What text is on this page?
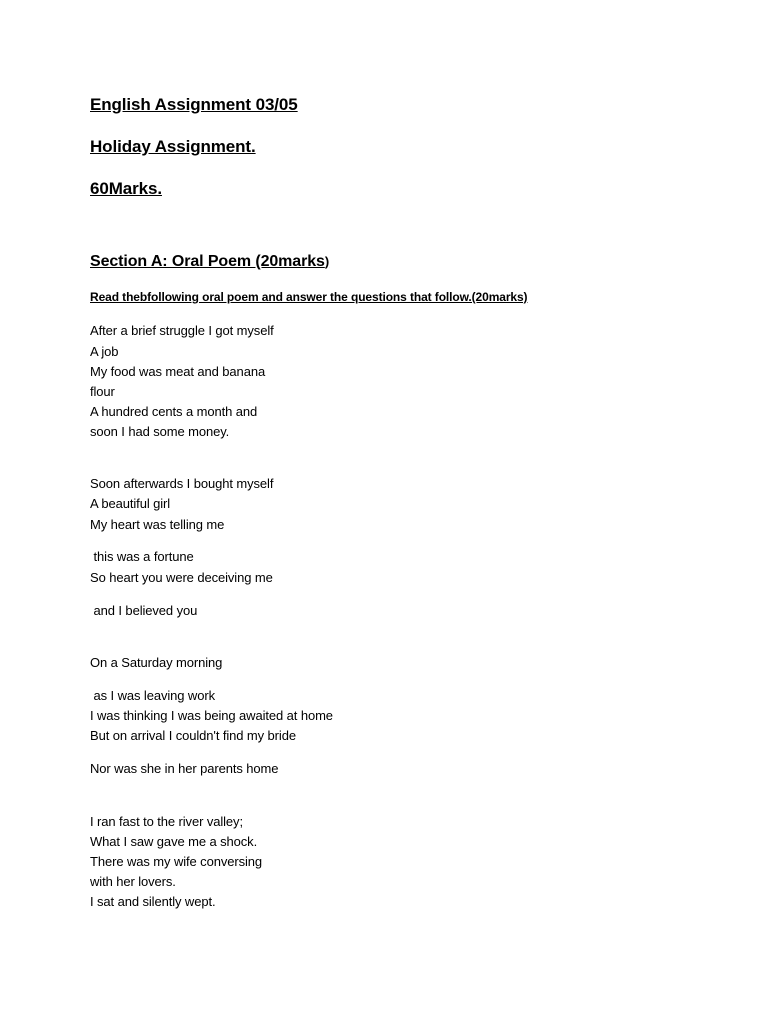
English Assignment 03/05
Holiday Assignment.
60Marks.
Section A: Oral Poem (20marks)
Read thebfollowing oral poem and answer the questions that follow.(20marks)
After a brief struggle I got myself
A job
My food was meat and banana
flour
A hundred cents a month and
soon I had some money.
Soon afterwards I bought myself
A beautiful girl
My heart was telling me
this was a fortune
So heart you were deceiving me
and I believed you
On a Saturday morning
as I was leaving work
I was thinking I was being awaited at home
But on arrival I couldn't find my bride
Nor was she in her parents home
I ran fast to the river valley;
What I saw gave me a shock.
There was my wife conversing
with her lovers.
I sat and silently wept.
